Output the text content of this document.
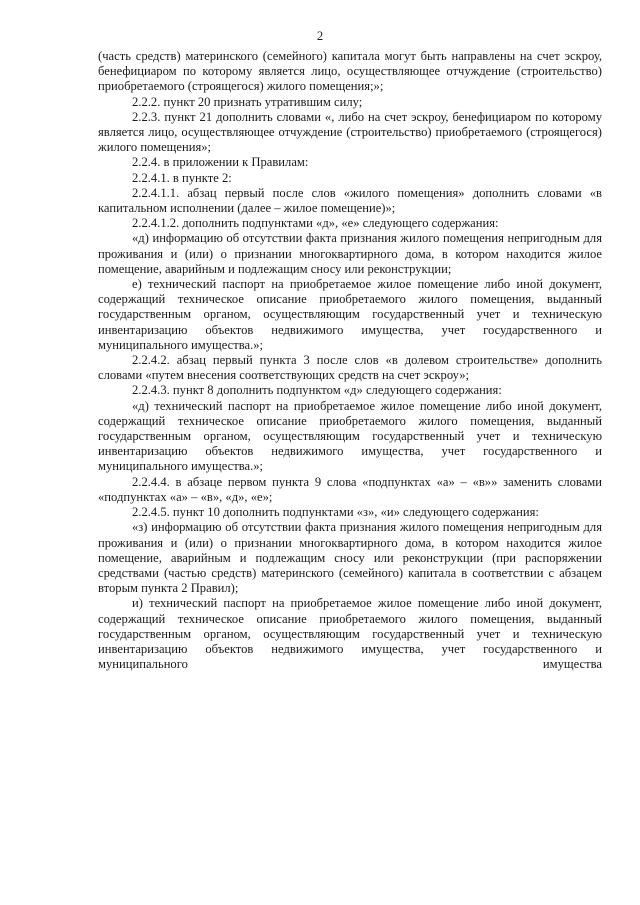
2

(часть средств) материнского (семейного) капитала могут быть направлены на счет эскроу, бенефициаром по которому является лицо, осуществляющее отчуждение (строительство) приобретаемого (строящегося) жилого помещения;»;

2.2.2. пункт 20 признать утратившим силу;

2.2.3. пункт 21 дополнить словами «, либо на счет эскроу, бенефициаром по которому является лицо, осуществляющее отчуждение (строительство) приобретаемого (строящегося) жилого помещения»;

2.2.4. в приложении к Правилам:

2.2.4.1. в пункте 2:

2.2.4.1.1. абзац первый после слов «жилого помещения» дополнить словами «в капитальном исполнении (далее – жилое помещение)»;

2.2.4.1.2. дополнить подпунктами «д», «е» следующего содержания:

«д) информацию об отсутствии факта признания жилого помещения непригодным для проживания и (или) о признании многоквартирного дома, в котором находится жилое помещение, аварийным и подлежащим сносу или реконструкции;

е) технический паспорт на приобретаемое жилое помещение либо иной документ, содержащий техническое описание приобретаемого жилого помещения, выданный государственным органом, осуществляющим государственный учет и техническую инвентаризацию объектов недвижимого имущества, учет государственного и муниципального имущества.»;

2.2.4.2. абзац первый пункта 3 после слов «в долевом строительстве» дополнить словами «путем внесения соответствующих средств на счет эскроу»;

2.2.4.3. пункт 8 дополнить подпунктом «д» следующего содержания:

«д) технический паспорт на приобретаемое жилое помещение либо иной документ, содержащий техническое описание приобретаемого жилого помещения, выданный государственным органом, осуществляющим государственный учет и техническую инвентаризацию объектов недвижимого имущества, учет государственного и муниципального имущества.»;

2.2.4.4. в абзаце первом пункта 9 слова «подпунктах «а» – «в»» заменить словами «подпунктах «а» – «в», «д», «е»;

2.2.4.5. пункт 10 дополнить подпунктами «з», «и» следующего содержания:

«з) информацию об отсутствии факта признания жилого помещения непригодным для проживания и (или) о признании многоквартирного дома, в котором находится жилое помещение, аварийным и подлежащим сносу или реконструкции (при распоряжении средствами (частью средств) материнского (семейного) капитала в соответствии с абзацем вторым пункта 2 Правил);

и) технический паспорт на приобретаемое жилое помещение либо иной документ, содержащий техническое описание приобретаемого жилого помещения, выданный государственным органом, осуществляющим государственный учет и техническую инвентаризацию объектов недвижимого имущества, учет государственного и муниципального имущества
